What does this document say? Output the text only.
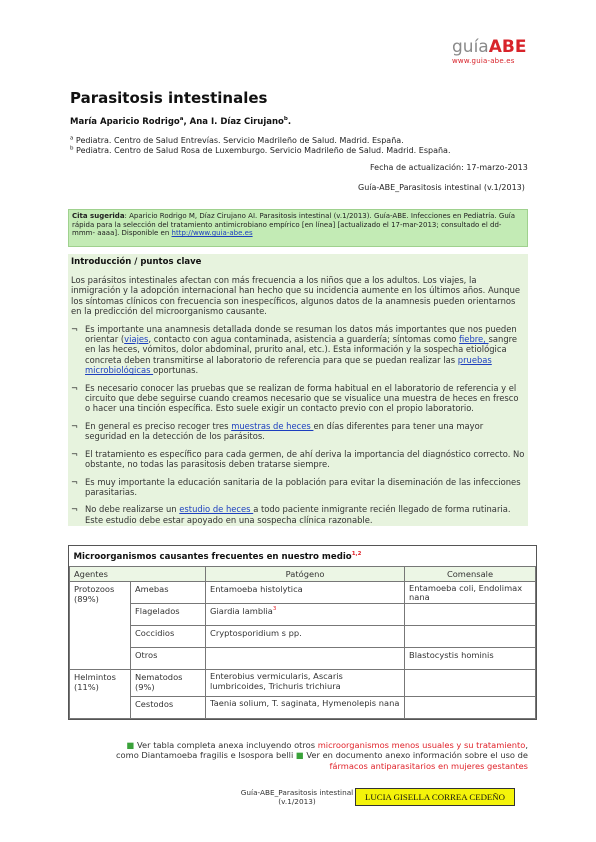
guíaABE
www.guia-abe.es
Parasitosis intestinales
María Aparicio Rodrigo$^a$, Ana I. Díaz Cirujano$^b$.
$^a$ Pediatra. Centro de Salud Entrevías. Servicio Madrileño de Salud. Madrid. España.
$^b$ Pediatra. Centro de Salud Rosa de Luxemburgo. Servicio Madrileño de Salud. Madrid. España.
Fecha de actualización: 17-marzo-2013
Guía-ABE_Parasitosis intestinal (v.1/2013)
Cita sugerida: Aparicio Rodrigo M, Díaz Cirujano AI. Parasitosis intestinal (v.1/2013). Guía-ABE. Infecciones en Pediatría. Guía rápida para la selección del tratamiento antimicrobiano empírico [en línea] [actualizado el 17-mar-2013; consultado el dd-mmm- aaaa]. Disponible en http://www.guia-abe.es
Introducción / puntos clave
Los parásitos intestinales afectan con más frecuencia a los niños que a los adultos. Los viajes, la inmigración y la adopción internacional han hecho que su incidencia aumente en los últimos años. Aunque los síntomas clínicos con frecuencia son inespecíficos, algunos datos de la anamnesis pueden orientarnos en la predicción del microorganismo causante.
¬ Es importante una anamnesis detallada donde se resuman los datos más importantes que nos pueden orientar (viajes, contacto con agua contaminada, asistencia a guardería; síntomas como fiebre, sangre en las heces, vómitos, dolor abdominal, prurito anal, etc.). Esta información y la sospecha etiológica concreta deben transmitirse al laboratorio de referencia para que se puedan realizar las pruebas microbiológicas oportunas.
¬ Es necesario conocer las pruebas que se realizan de forma habitual en el laboratorio de referencia y el circuito que debe seguirse cuando creamos necesario que se visualice una muestra de heces en fresco o hacer una tinción específica. Esto suele exigir un contacto previo con el propio laboratorio.
¬ En general es preciso recoger tres muestras de heces en días diferentes para tener una mayor seguridad en la detección de los parásitos.
¬ El tratamiento es específico para cada germen, de ahí deriva la importancia del diagnóstico correcto. No obstante, no todas las parasitosis deben tratarse siempre.
¬ Es muy importante la educación sanitaria de la población para evitar la diseminación de las infecciones parasitarias.
¬ No debe realizarse un estudio de heces a todo paciente inmigrante recién llegado de forma rutinaria. Este estudio debe estar apoyado en una sospecha clínica razonable.
Microorganismos causantes frecuentes en nuestro medio$^{1,2}$
Agentes		Patógeno	Comensale
Protozoos (89%)	Amebas	Entamoeba histolytica	Entamoeba coli, Endolimax nana

	Flagelados	Giardia lamblia$^3$	
	Coccidios	Cryptosporidium s pp.	
	Otros		Blastocystis hominis
Helmintos (11%)	Nematodos (9%)	Enterobius vermicularis, Ascaris lumbricoides, Trichuris trichiura	

	Cestodos	Taenia solium, T. saginata, Hymenolepis nana	

■ Ver tabla completa anexa incluyendo otros microorganismos menos usuales y su tratamiento, como Diantamoeba fragilis e Isospora belli ■ Ver en documento anexo información sobre el uso de fármacos antiparasitarios en mujeres gestantes
Guía-ABE_Parasitosis intestinal (v.1/2013)	LUCIA GISELLA CORREA CEDEÑO
